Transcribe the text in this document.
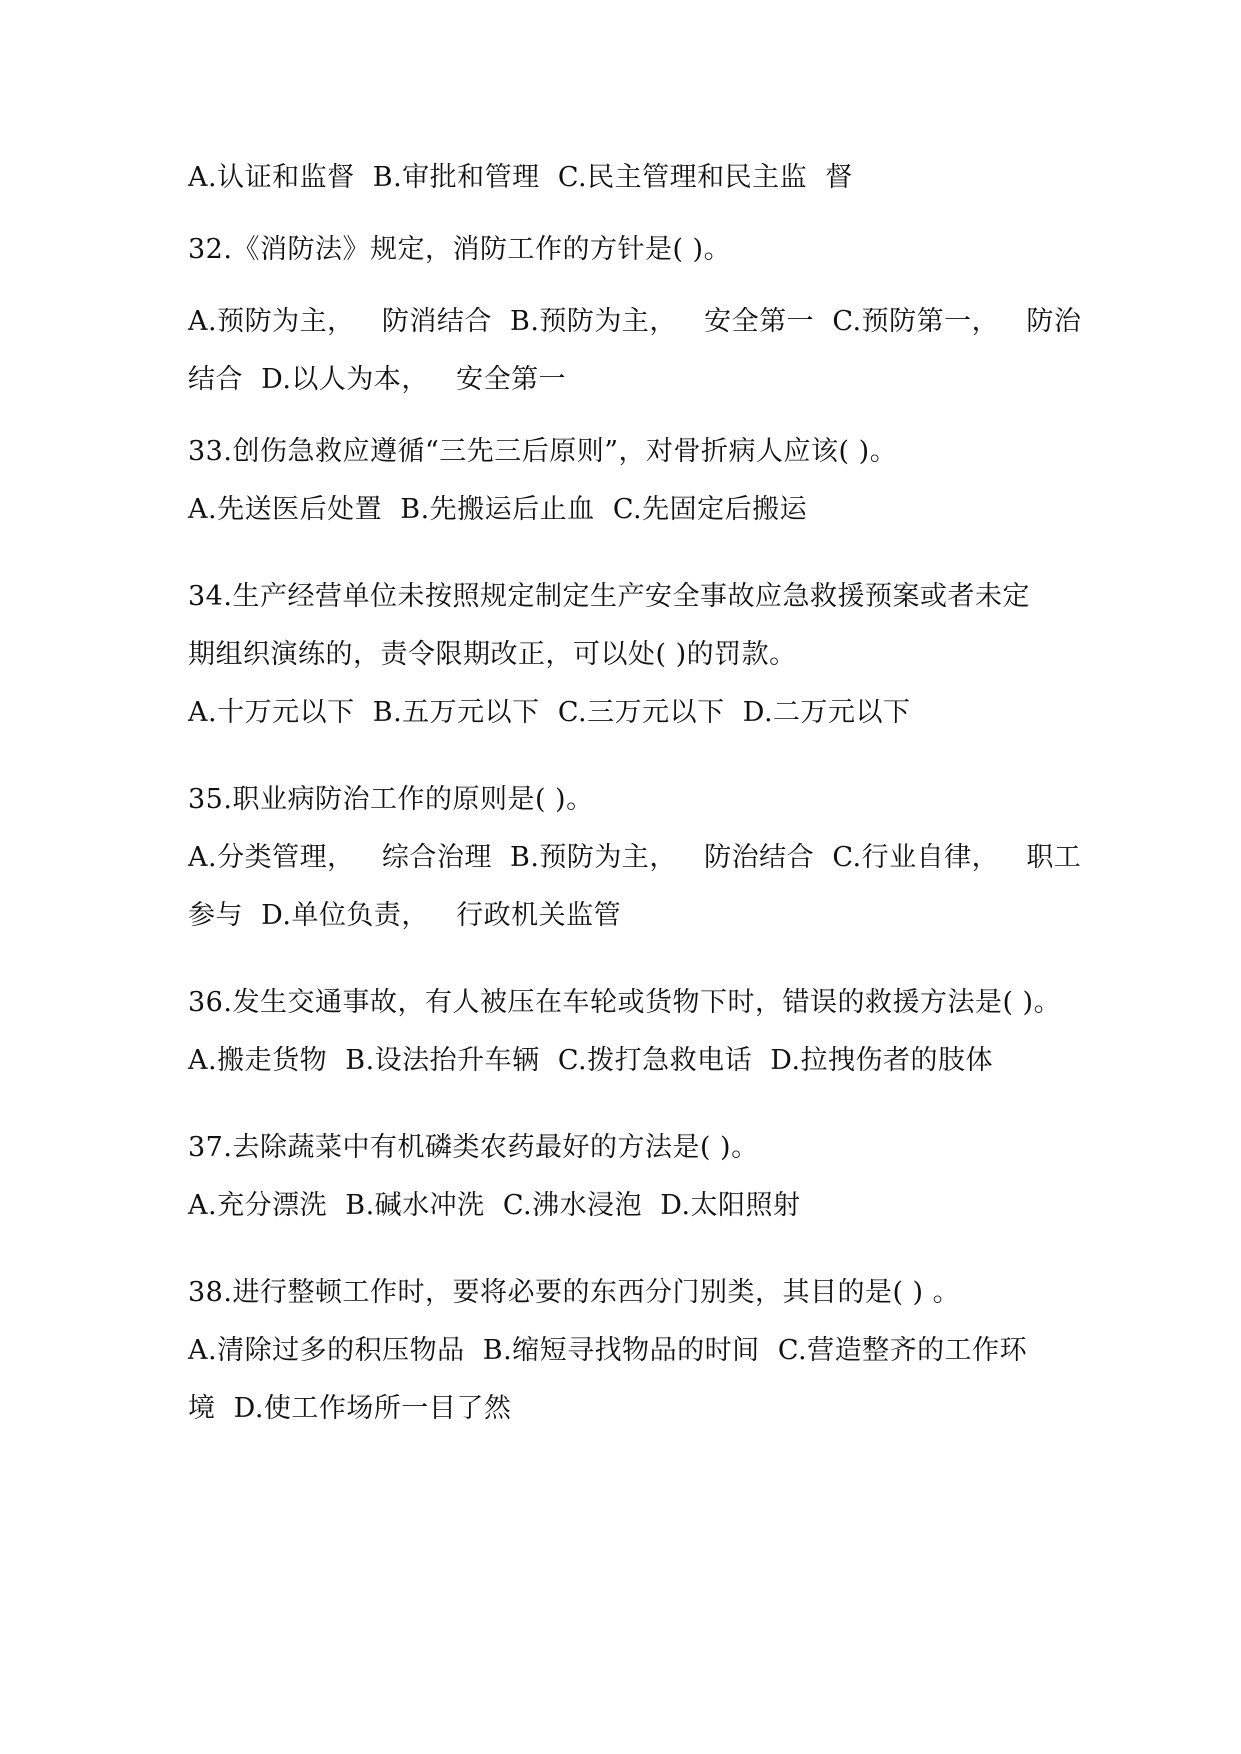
A.认证和监督  B.审批和管理  C.民主管理和民主监  督
32.《消防法》规定，消防工作的方针是( )。
A.预防为主，   防消结合  B.预防为主，   安全第一  C.预防第一，   防治
结合  D.以人为本，   安全第一
33.创伤急救应遵循“三先三后原则”，对骨折病人应该( )。
A.先送医后处置  B.先搬运后止血  C.先固定后搬运
34.生产经营单位未按照规定制定生产安全事故应急救援预案或者未定
期组织演练的，责令限期改正，可以处( )的罚款。
A.十万元以下  B.五万元以下  C.三万元以下  D.二万元以下
35.职业病防治工作的原则是( )。
A.分类管理，   综合治理  B.预防为主，   防治结合  C.行业自律，   职工
参与  D.单位负责，   行政机关监管
36.发生交通事故，有人被压在车轮或货物下时，错误的救援方法是( )。
A.搬走货物  B.设法抬升车辆  C.拨打急救电话  D.拉拽伤者的肢体
37.去除蔬菜中有机磷类农药最好的方法是( )。
A.充分漂洗  B.碱水冲洗  C.沸水浸泡  D.太阳照射
38.进行整顿工作时，要将必要的东西分门别类，其目的是( ) 。
A.清除过多的积压物品  B.缩短寻找物品的时间  C.营造整齐的工作环
境  D.使工作场所一目了然
